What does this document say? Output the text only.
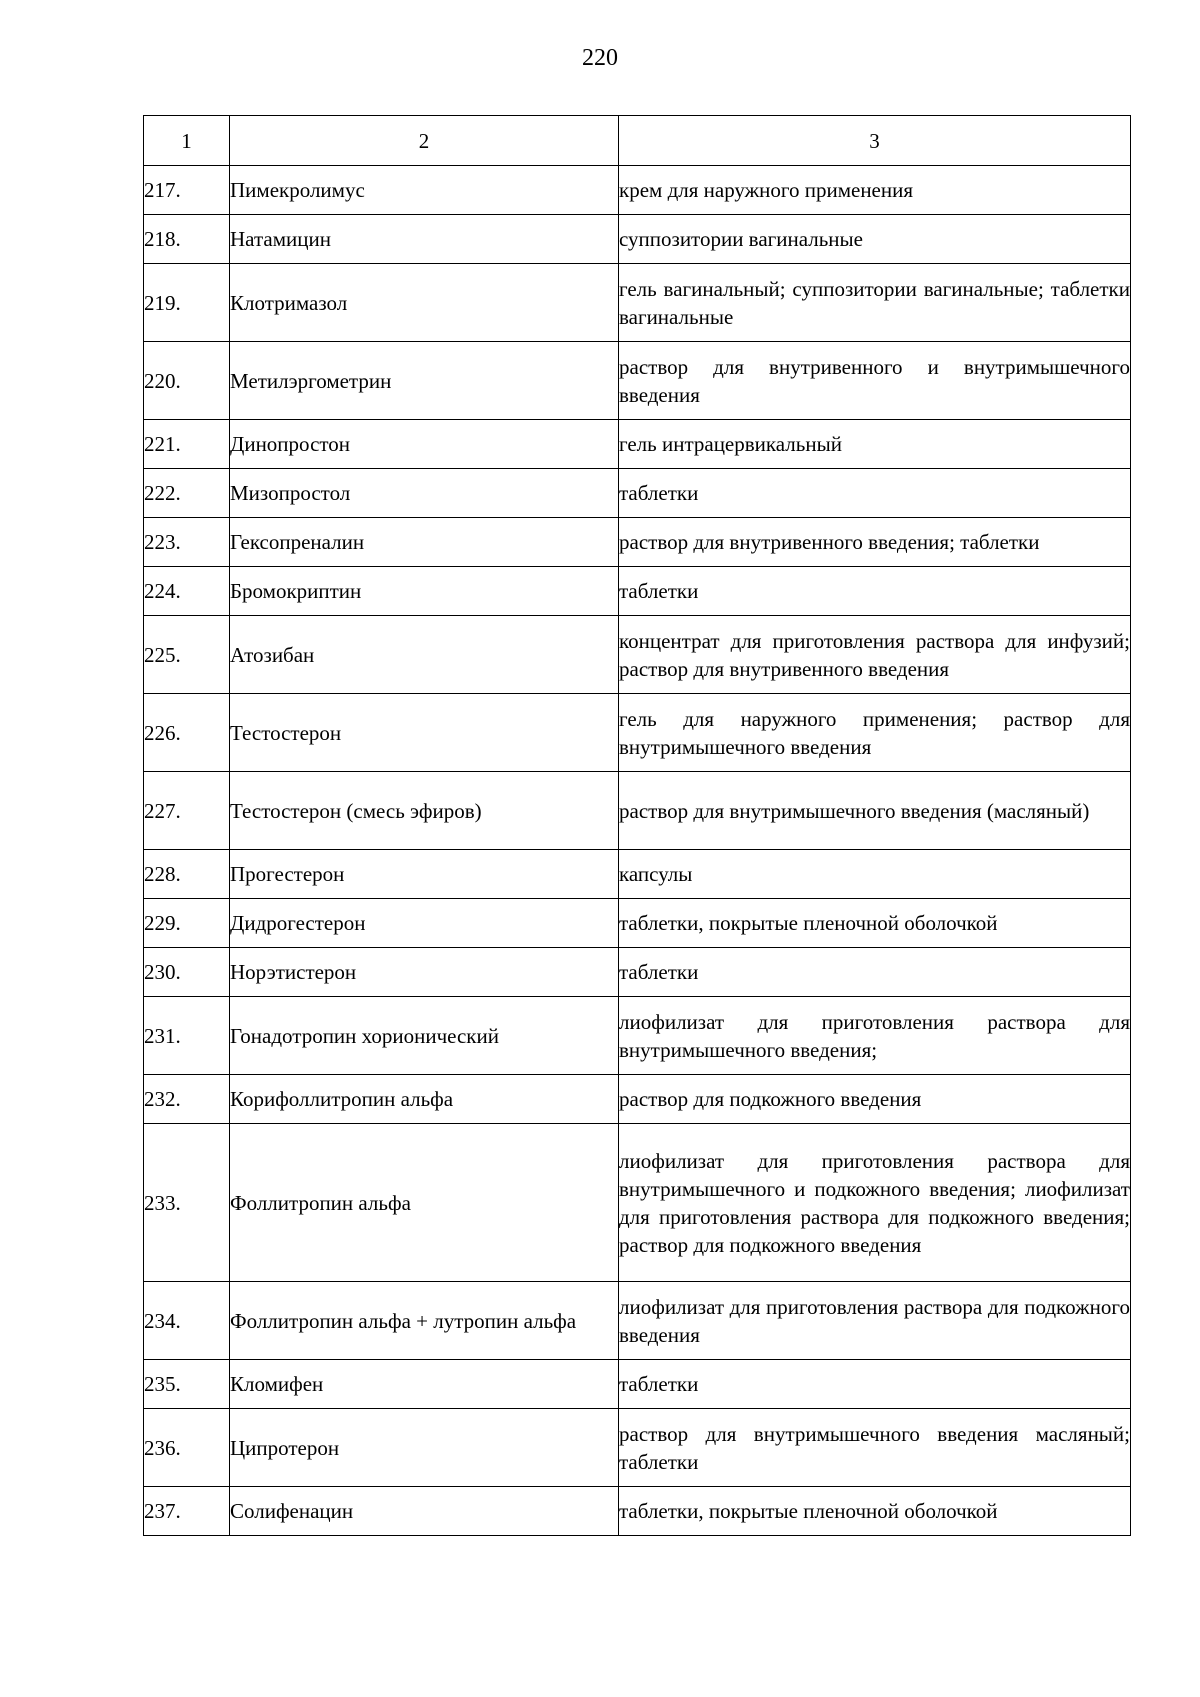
220
1	2	3
217.	Пимекролимус	крем для наружного применения

218.	Натамицин	суппозитории вагинальные

219.	Клотримазол	гель вагинальный; суппозитории вагинальные; таблетки вагинальные

220.	Метилэргометрин	раствор для внутривенного и внутримышечного введения

221.	Динопростон	гель интрацервикальный

222.	Мизопростол	таблетки

223.	Гексопреналин	раствор для внутривенного введения; таблетки

224.	Бромокриптин	таблетки

225.	Атозибан	концентрат для приготовления раствора для инфузий; раствор для внутривенного введения

226.	Тестостерон	гель для наружного применения; раствор для внутримышечного введения

227.	Тестостерон (смесь эфиров)	раствор для внутримышечного введения (масляный)

228.	Прогестерон	капсулы

229.	Дидрогестерон	таблетки, покрытые пленочной оболочкой

230.	Норэтистерон	таблетки

231.	Гонадотропин хорионический	лиофилизат для приготовления раствора для внутримышечного введения;

232.	Корифоллитропин альфа	раствор для подкожного введения

233.	Фоллитропин альфа	лиофилизат для приготовления раствора для внутримышечного и подкожного введения; лиофилизат для приготовления раствора для подкожного введения; раствор для подкожного введения

234.	Фоллитропин альфа + лутропин альфа	лиофилизат для приготовления раствора для подкожного введения

235.	Кломифен	таблетки

236.	Ципротерон	раствор для внутримышечного введения масляный; таблетки

237.	Солифенацин	таблетки, покрытые пленочной оболочкой
